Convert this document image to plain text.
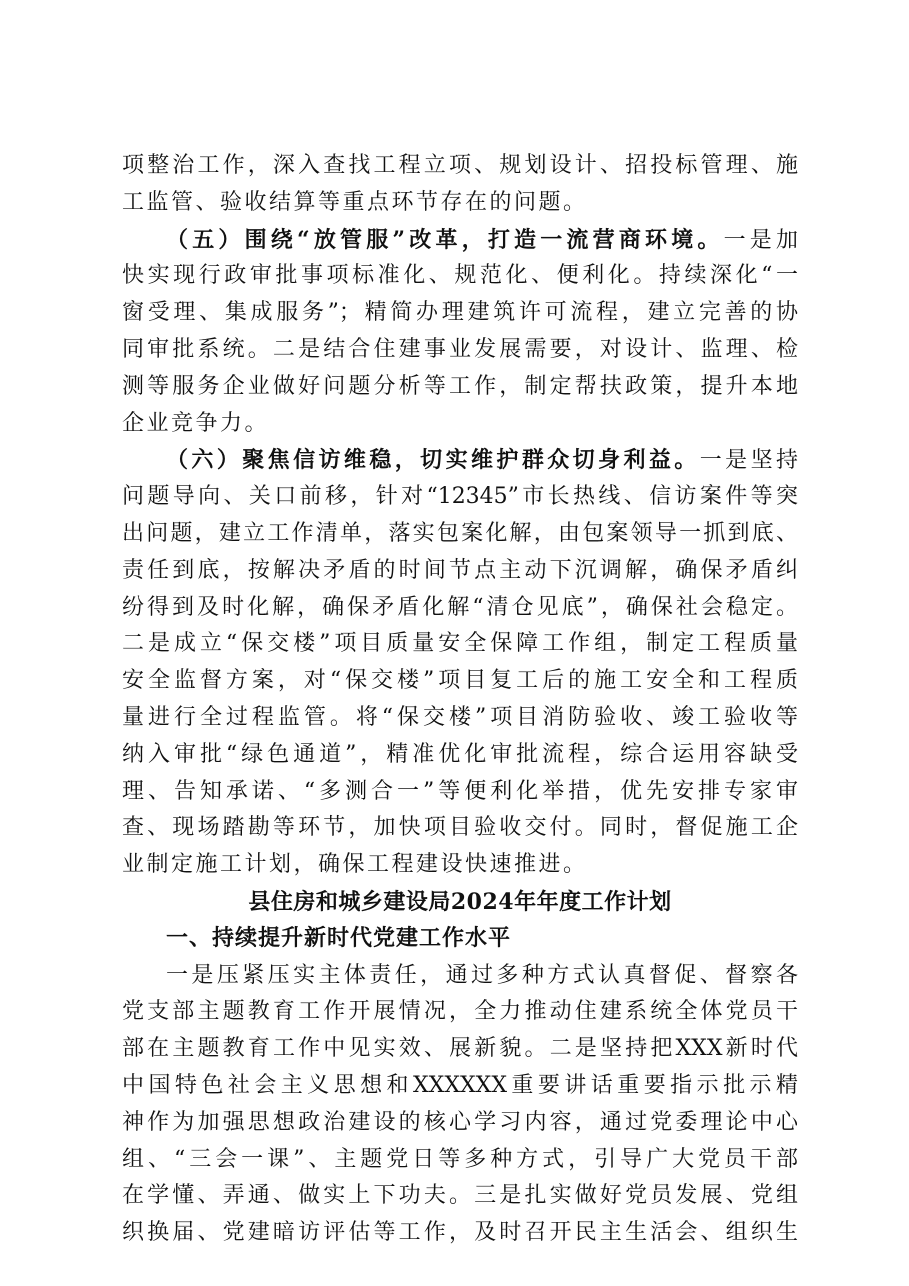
项整治工作，深入查找工程立项、规划设计、招投标管理、施
工监管、验收结算等重点环节存在的问题。
（五）围绕“放管服”改革，打造一流营商环境。一是加
快实现行政审批事项标准化、规范化、便利化。持续深化“一
窗受理、集成服务”；精简办理建筑许可流程，建立完善的协
同审批系统。二是结合住建事业发展需要，对设计、监理、检
测等服务企业做好问题分析等工作，制定帮扶政策，提升本地
企业竞争力。
（六）聚焦信访维稳，切实维护群众切身利益。一是坚持
问题导向、关口前移，针对“12345”市长热线、信访案件等突
出问题，建立工作清单，落实包案化解，由包案领导一抓到底、
责任到底，按解决矛盾的时间节点主动下沉调解，确保矛盾纠
纷得到及时化解，确保矛盾化解“清仓见底”，确保社会稳定。
二是成立“保交楼”项目质量安全保障工作组，制定工程质量
安全监督方案，对“保交楼”项目复工后的施工安全和工程质
量进行全过程监管。将“保交楼”项目消防验收、竣工验收等
纳入审批“绿色通道”，精准优化审批流程，综合运用容缺受
理、告知承诺、“多测合一”等便利化举措，优先安排专家审
查、现场踏勘等环节，加快项目验收交付。同时，督促施工企
业制定施工计划，确保工程建设快速推进。
县住房和城乡建设局2024年年度工作计划
一、持续提升新时代党建工作水平
一是压紧压实主体责任，通过多种方式认真督促、督察各
党支部主题教育工作开展情况，全力推动住建系统全体党员干
部在主题教育工作中见实效、展新貌。二是坚持把XXX新时代
中国特色社会主义思想和XXXXXX重要讲话重要指示批示精
神作为加强思想政治建设的核心学习内容，通过党委理论中心
组、“三会一课”、主题党日等多种方式，引导广大党员干部
在学懂、弄通、做实上下功夫。三是扎实做好党员发展、党组
织换届、党建暗访评估等工作，及时召开民主生活会、组织生
